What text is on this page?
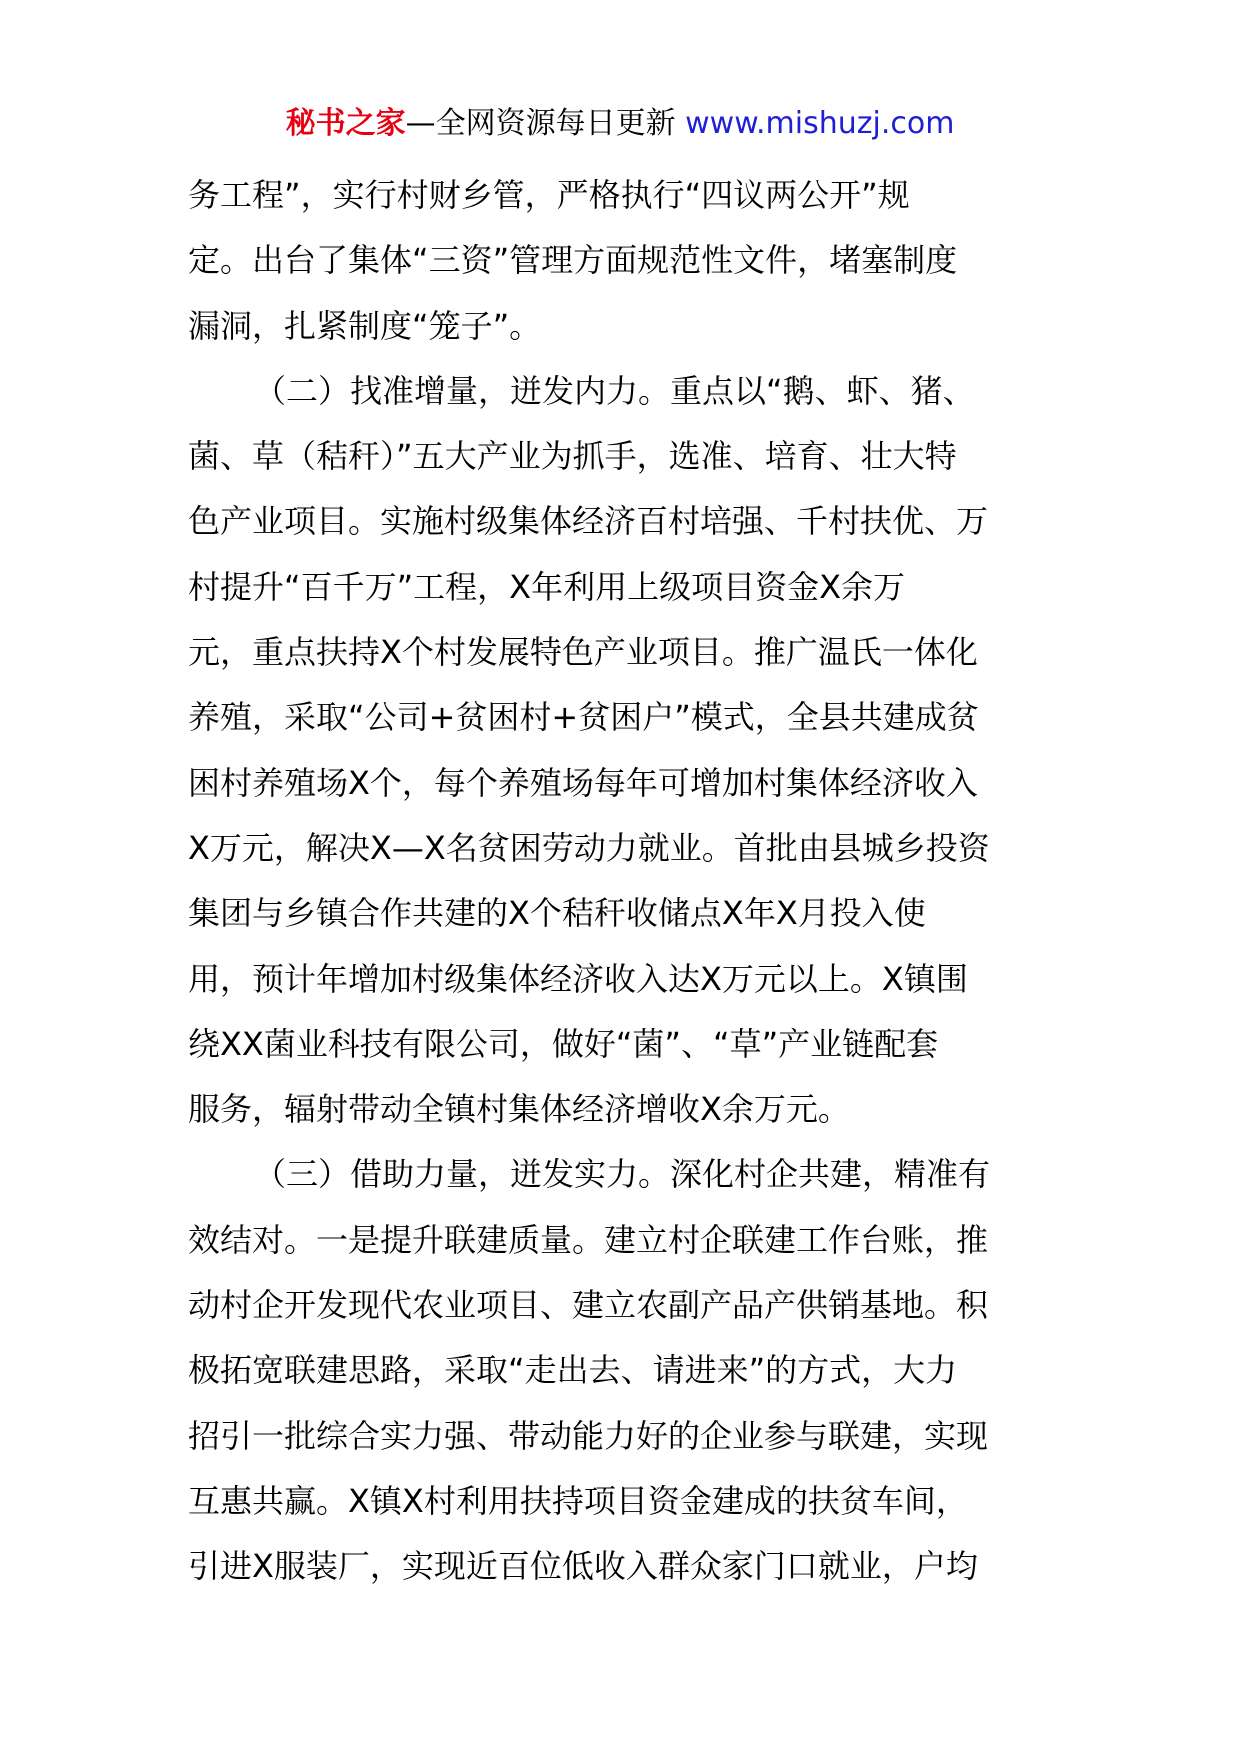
秘书之家—全网资源每日更新 www.mishuzj.com
务工程”，实行村财乡管，严格执行“四议两公开”规
定。出台了集体“三资”管理方面规范性文件，堵塞制度
漏洞，扎紧制度“笼子”。
（二）找准增量，迸发内力。重点以“鹅、虾、猪、
菌、草（秸秆）”五大产业为抓手，选准、培育、壮大特
色产业项目。实施村级集体经济百村培强、千村扶优、万
村提升“百千万”工程，X年利用上级项目资金X余万
元，重点扶持X个村发展特色产业项目。推广温氏一体化
养殖，采取“公司+贫困村+贫困户”模式，全县共建成贫
困村养殖场X个，每个养殖场每年可增加村集体经济收入
X万元，解决X—X名贫困劳动力就业。首批由县城乡投资
集团与乡镇合作共建的X个秸秆收储点X年X月投入使
用，预计年增加村级集体经济收入达X万元以上。X镇围
绕XX菌业科技有限公司，做好“菌”、“草”产业链配套
服务，辐射带动全镇村集体经济增收X余万元。
（三）借助力量，迸发实力。深化村企共建，精准有
效结对。一是提升联建质量。建立村企联建工作台账，推
动村企开发现代农业项目、建立农副产品产供销基地。积
极拓宽联建思路，采取“走出去、请进来”的方式，大力
招引一批综合实力强、带动能力好的企业参与联建，实现
互惠共赢。X镇X村利用扶持项目资金建成的扶贫车间，
引进X服装厂，实现近百位低收入群众家门口就业，户均
